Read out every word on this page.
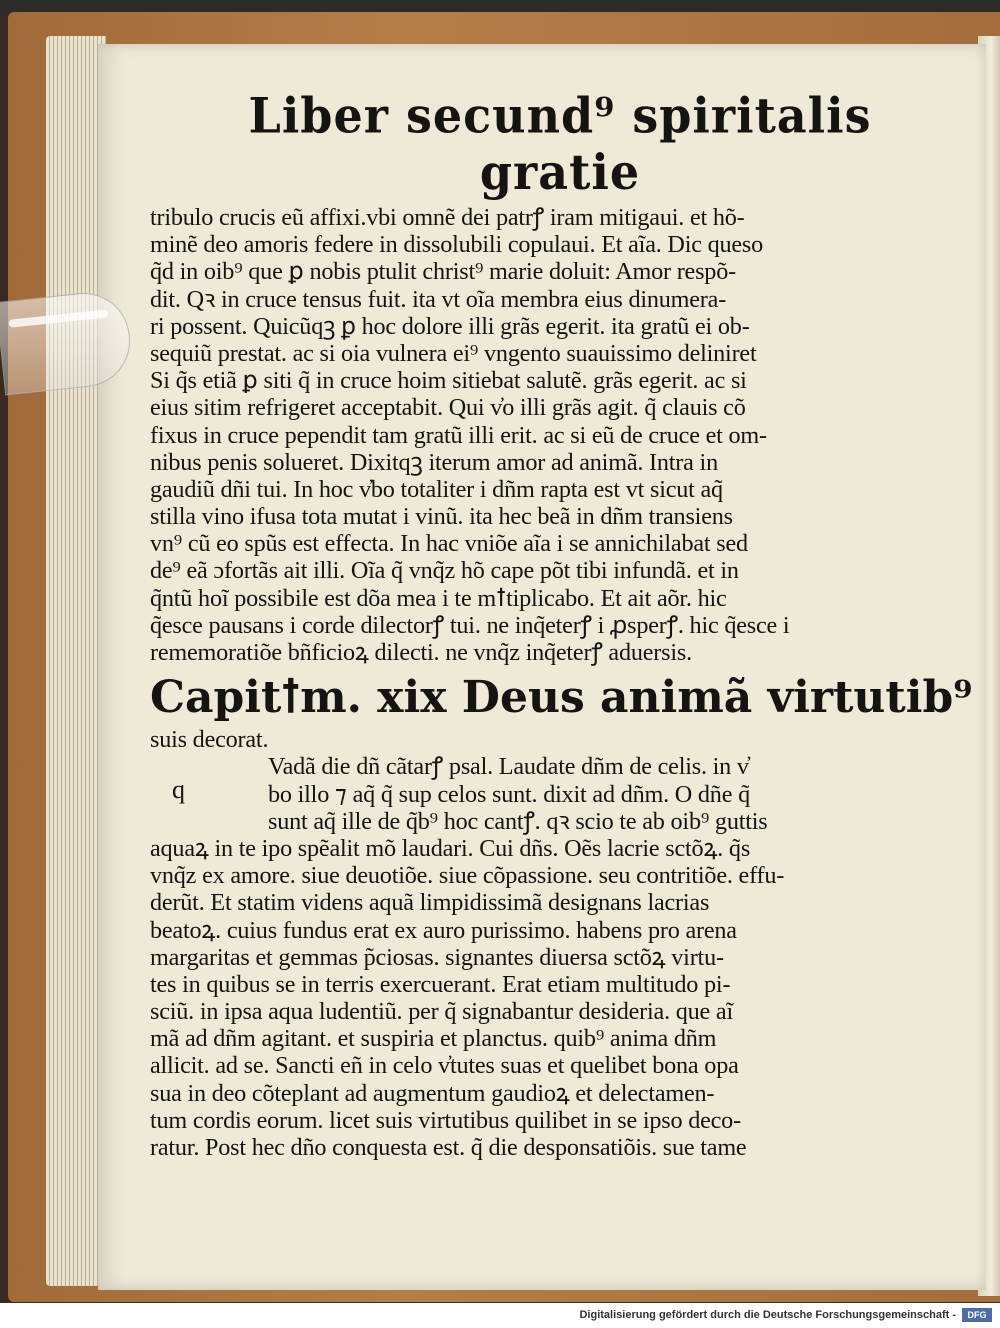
Liber secund⁹ spiritalis gratie
tribulo crucis eũ affixi.vbi omnẽ dei patrꝭ iram mitigaui. et hõ-
minẽ deo amoris federe in dissolubili copulaui. Et aĩa. Dic queso
q̃d in oib⁹ que ꝑ nobis ptulit christ⁹ marie doluit: Amor respõ-
dit. Qꝛ in cruce tensus fuit. ita vt oĩa membra eius dinumera-
ri possent. Quicũqꝫ ꝑ hoc dolore illi grãs egerit. ita gratũ ei ob-
sequiũ prestat. ac si oia vulnera ei⁹ vngento suauissimo deliniret
Si q̃s etiã ꝑ siti q̃ in cruce hoim sitiebat salutẽ. grãs egerit. ac si
eius sitim refrigeret acceptabit. Qui v̓o illi grãs agit. q̃ clauis cõ
fixus in cruce pependit tam gratũ illi erit. ac si eũ de cruce et om-
nibus penis solueret. Dixitqꝫ iterum amor ad animã. Intra in
gaudiũ dñi tui. In hoc v̓bo totaliter i dñm rapta est vt sicut aq̃
stilla vino ifusa tota mutat i vinũ. ita hec beã in dñm transiens
vn⁹ cũ eo spũs est effecta. In hac vniõe aĩa i se annichilabat sed
de⁹ eã ɔfortãs ait illi. Oĩa q̃ vnq̃z hõ cape põt tibi infundã. et in
q̃ntũ hoĩ possibile est dõa mea i te mꝉtiplicabo. Et ait aõr. hic
q̃esce pausans i corde dilectorꝭ tui. ne inq̃eterꝭ i ꝓsperꝭ. hic q̃esce i
rememoratiõe bñficioꝝ dilecti. ne vnq̃z inq̃eterꝭ aduersis.
Capitꝉm. xix Deus animã virtutib⁹
suis decorat.
q
Vadã die dñ cãtarꝭ psal. Laudate dñm de celis. in v̓
bo illo ⁊ aq̃ q̃ sup celos sunt. dixit ad dñm. O dñe q̃
sunt aq̃ ille de q̃b⁹ hoc cantꝭ. qꝛ scio te ab oib⁹ guttis
aquaꝝ in te ipo spẽalit mõ laudari. Cui dñs. Oẽs lacrie sctõꝝ. q̃s
vnq̃z ex amore. siue deuotiõe. siue cõpassione. seu contritiõe. effu-
derũt. Et statim videns aquã limpidissimã designans lacrias
beatoꝝ. cuius fundus erat ex auro purissimo. habens pro arena
margaritas et gemmas p̃ciosas. signantes diuersa sctõꝝ virtu-
tes in quibus se in terris exercuerant. Erat etiam multitudo pi-
sciũ. in ipsa aqua ludentiũ. per q̃ signabantur desideria. que aĩ
mã ad dñm agitant. et suspiria et planctus. quib⁹ anima dñm
allicit. ad se. Sancti eñ in celo v̓tutes suas et quelibet bona opa
sua in deo cõteplant ad augmentum gaudioꝝ et delectamen-
tum cordis eorum. licet suis virtutibus quilibet in se ipso deco-
ratur. Post hec dño conquesta est. q̃ die desponsatiõis. sue tame
Digitalisierung gefördert durch die Deutsche Forschungsgemeinschaft -	DFG
